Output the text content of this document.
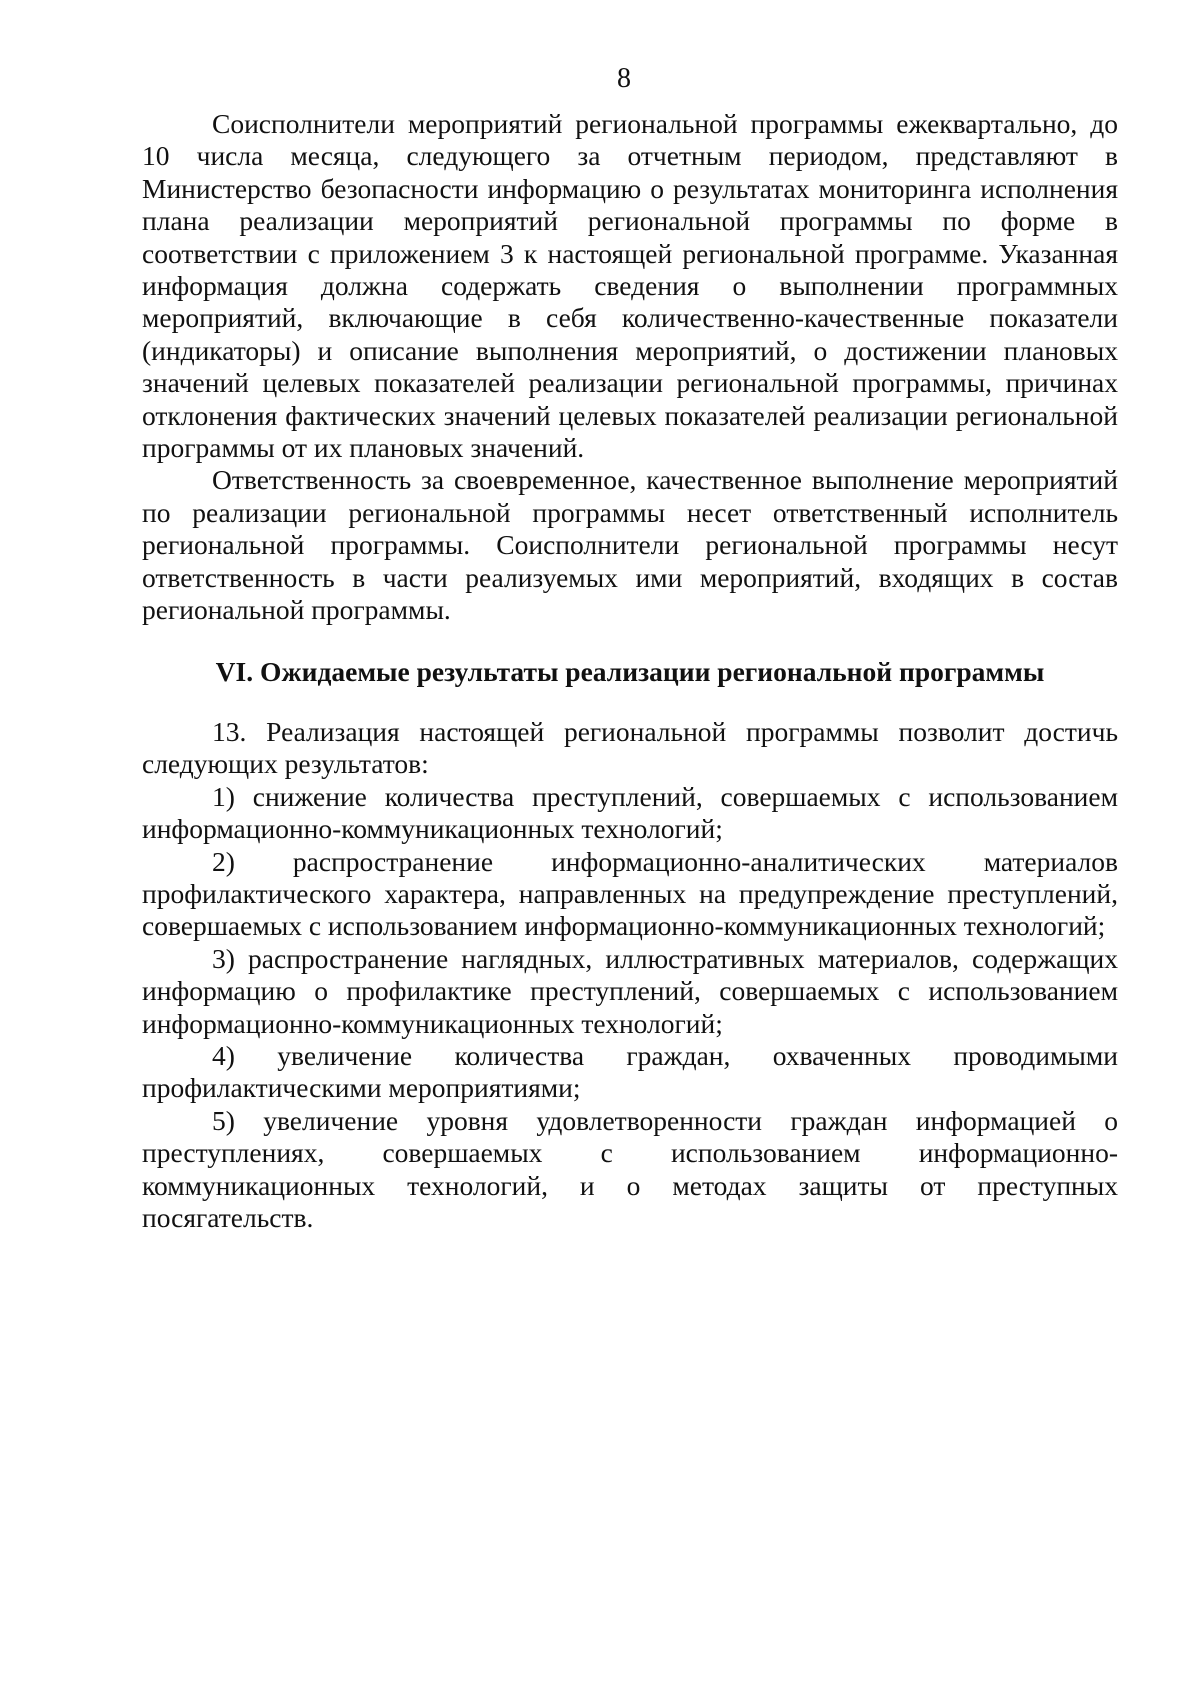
8

Соисполнители мероприятий региональной программы ежеквартально, до 10 числа месяца, следующего за отчетным периодом, представляют в Министерство безопасности информацию о результатах мониторинга исполнения плана реализации мероприятий региональной программы по форме в соответствии с приложением 3 к настоящей региональной программе. Указанная информация должна содержать сведения о выполнении программных мероприятий, включающие в себя количественно-качественные показатели (индикаторы) и описание выполнения мероприятий, о достижении плановых значений целевых показателей реализации региональной программы, причинах отклонения фактических значений целевых показателей реализации региональной программы от их плановых значений.

Ответственность за своевременное, качественное выполнение мероприятий по реализации региональной программы несет ответственный исполнитель региональной программы. Соисполнители региональной программы несут ответственность в части реализуемых ими мероприятий, входящих в состав региональной программы.

VI. Ожидаемые результаты реализации региональной программы

13. Реализация настоящей региональной программы позволит достичь следующих результатов:

1) снижение количества преступлений, совершаемых с использованием информационно-коммуникационных технологий;

2) распространение информационно-аналитических материалов профилактического характера, направленных на предупреждение преступлений, совершаемых с использованием информационно-коммуникационных технологий;

3) распространение наглядных, иллюстративных материалов, содержащих информацию о профилактике преступлений, совершаемых с использованием информационно-коммуникационных технологий;

4) увеличение количества граждан, охваченных проводимыми профилактическими мероприятиями;

5) увеличение уровня удовлетворенности граждан информацией о преступлениях, совершаемых с использованием информационно-коммуникационных технологий, и о методах защиты от преступных посягательств.
